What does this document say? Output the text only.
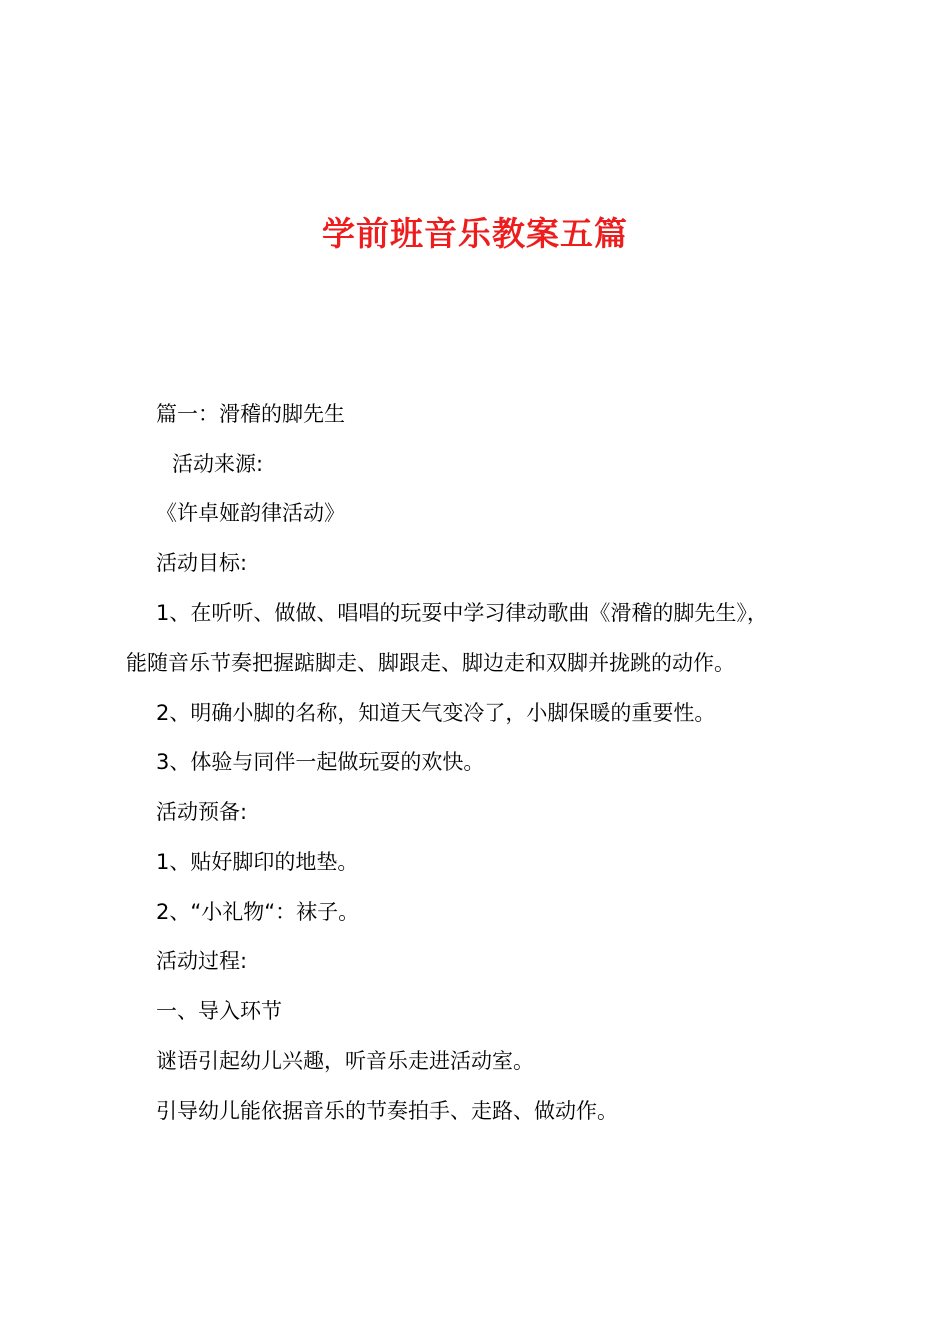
学前班音乐教案五篇
篇一：滑稽的脚先生
活动来源:
《许卓娅韵律活动》
活动目标:
1、在听听、做做、唱唱的玩耍中学习律动歌曲《滑稽的脚先生》，
能随音乐节奏把握踮脚走、脚跟走、脚边走和双脚并拢跳的动作。
2、明确小脚的名称，知道天气变冷了，小脚保暖的重要性。
3、体验与同伴一起做玩耍的欢快。
活动预备:
1、贴好脚印的地垫。
2、“小礼物“：袜子。
活动过程:
一、导入环节
谜语引起幼儿兴趣，听音乐走进活动室。
引导幼儿能依据音乐的节奏拍手、走路、做动作。
